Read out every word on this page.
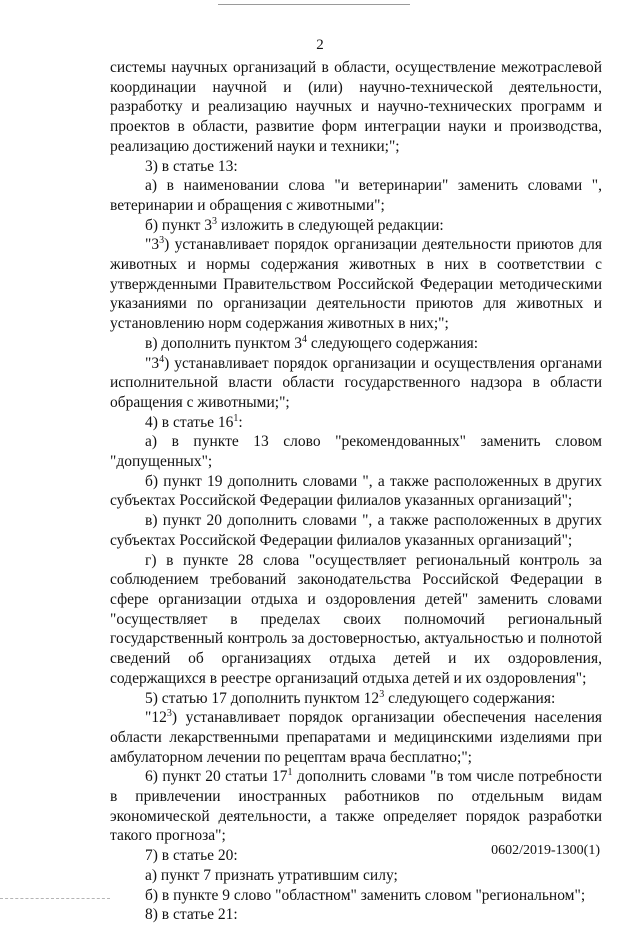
2

системы научных организаций в области, осуществление межотраслевой координации научной и (или) научно-технической деятельности, разработку и реализацию научных и научно-технических программ и проектов в области, развитие форм интеграции науки и производства, реализацию достижений науки и техники;";

3) в статье 13:

а) в наименовании слова "и ветеринарии" заменить словами ", ветеринарии и обращения с животными";

б) пункт $3^3$ изложить в следующей редакции:

"$3^3$) устанавливает порядок организации деятельности приютов для животных и нормы содержания животных в них в соответствии с утвержденными Правительством Российской Федерации методическими указаниями по организации деятельности приютов для животных и установлению норм содержания животных в них;";

в) дополнить пунктом $3^4$ следующего содержания:

"$3^4$) устанавливает порядок организации и осуществления органами исполнительной власти области государственного надзора в области обращения с животными;";

4) в статье $16^1$:

а) в пункте 13 слово "рекомендованных" заменить словом "допущенных";

б) пункт 19 дополнить словами ", а также расположенных в других субъектах Российской Федерации филиалов указанных организаций";

в) пункт 20 дополнить словами ", а также расположенных в других субъектах Российской Федерации филиалов указанных организаций";

г) в пункте 28 слова "осуществляет региональный контроль за соблюдением требований законодательства Российской Федерации в сфере организации отдыха и оздоровления детей" заменить словами "осуществляет в пределах своих полномочий региональный государственный контроль за достоверностью, актуальностью и полнотой сведений об организациях отдыха детей и их оздоровления, содержащихся в реестре организаций отдыха детей и их оздоровления";

5) статью 17 дополнить пунктом $12^3$ следующего содержания:

"$12^3$) устанавливает порядок организации обеспечения населения области лекарственными препаратами и медицинскими изделиями при амбулаторном лечении по рецептам врача бесплатно;";

6) пункт 20 статьи $17^1$ дополнить словами "в том числе потребности в привлечении иностранных работников по отдельным видам экономической деятельности, а также определяет порядок разработки такого прогноза";

7) в статье 20:

а) пункт 7 признать утратившим силу;

б) в пункте 9 слово "областном" заменить словом "региональном";

8) в статье 21:

0602/2019-1300(1)
